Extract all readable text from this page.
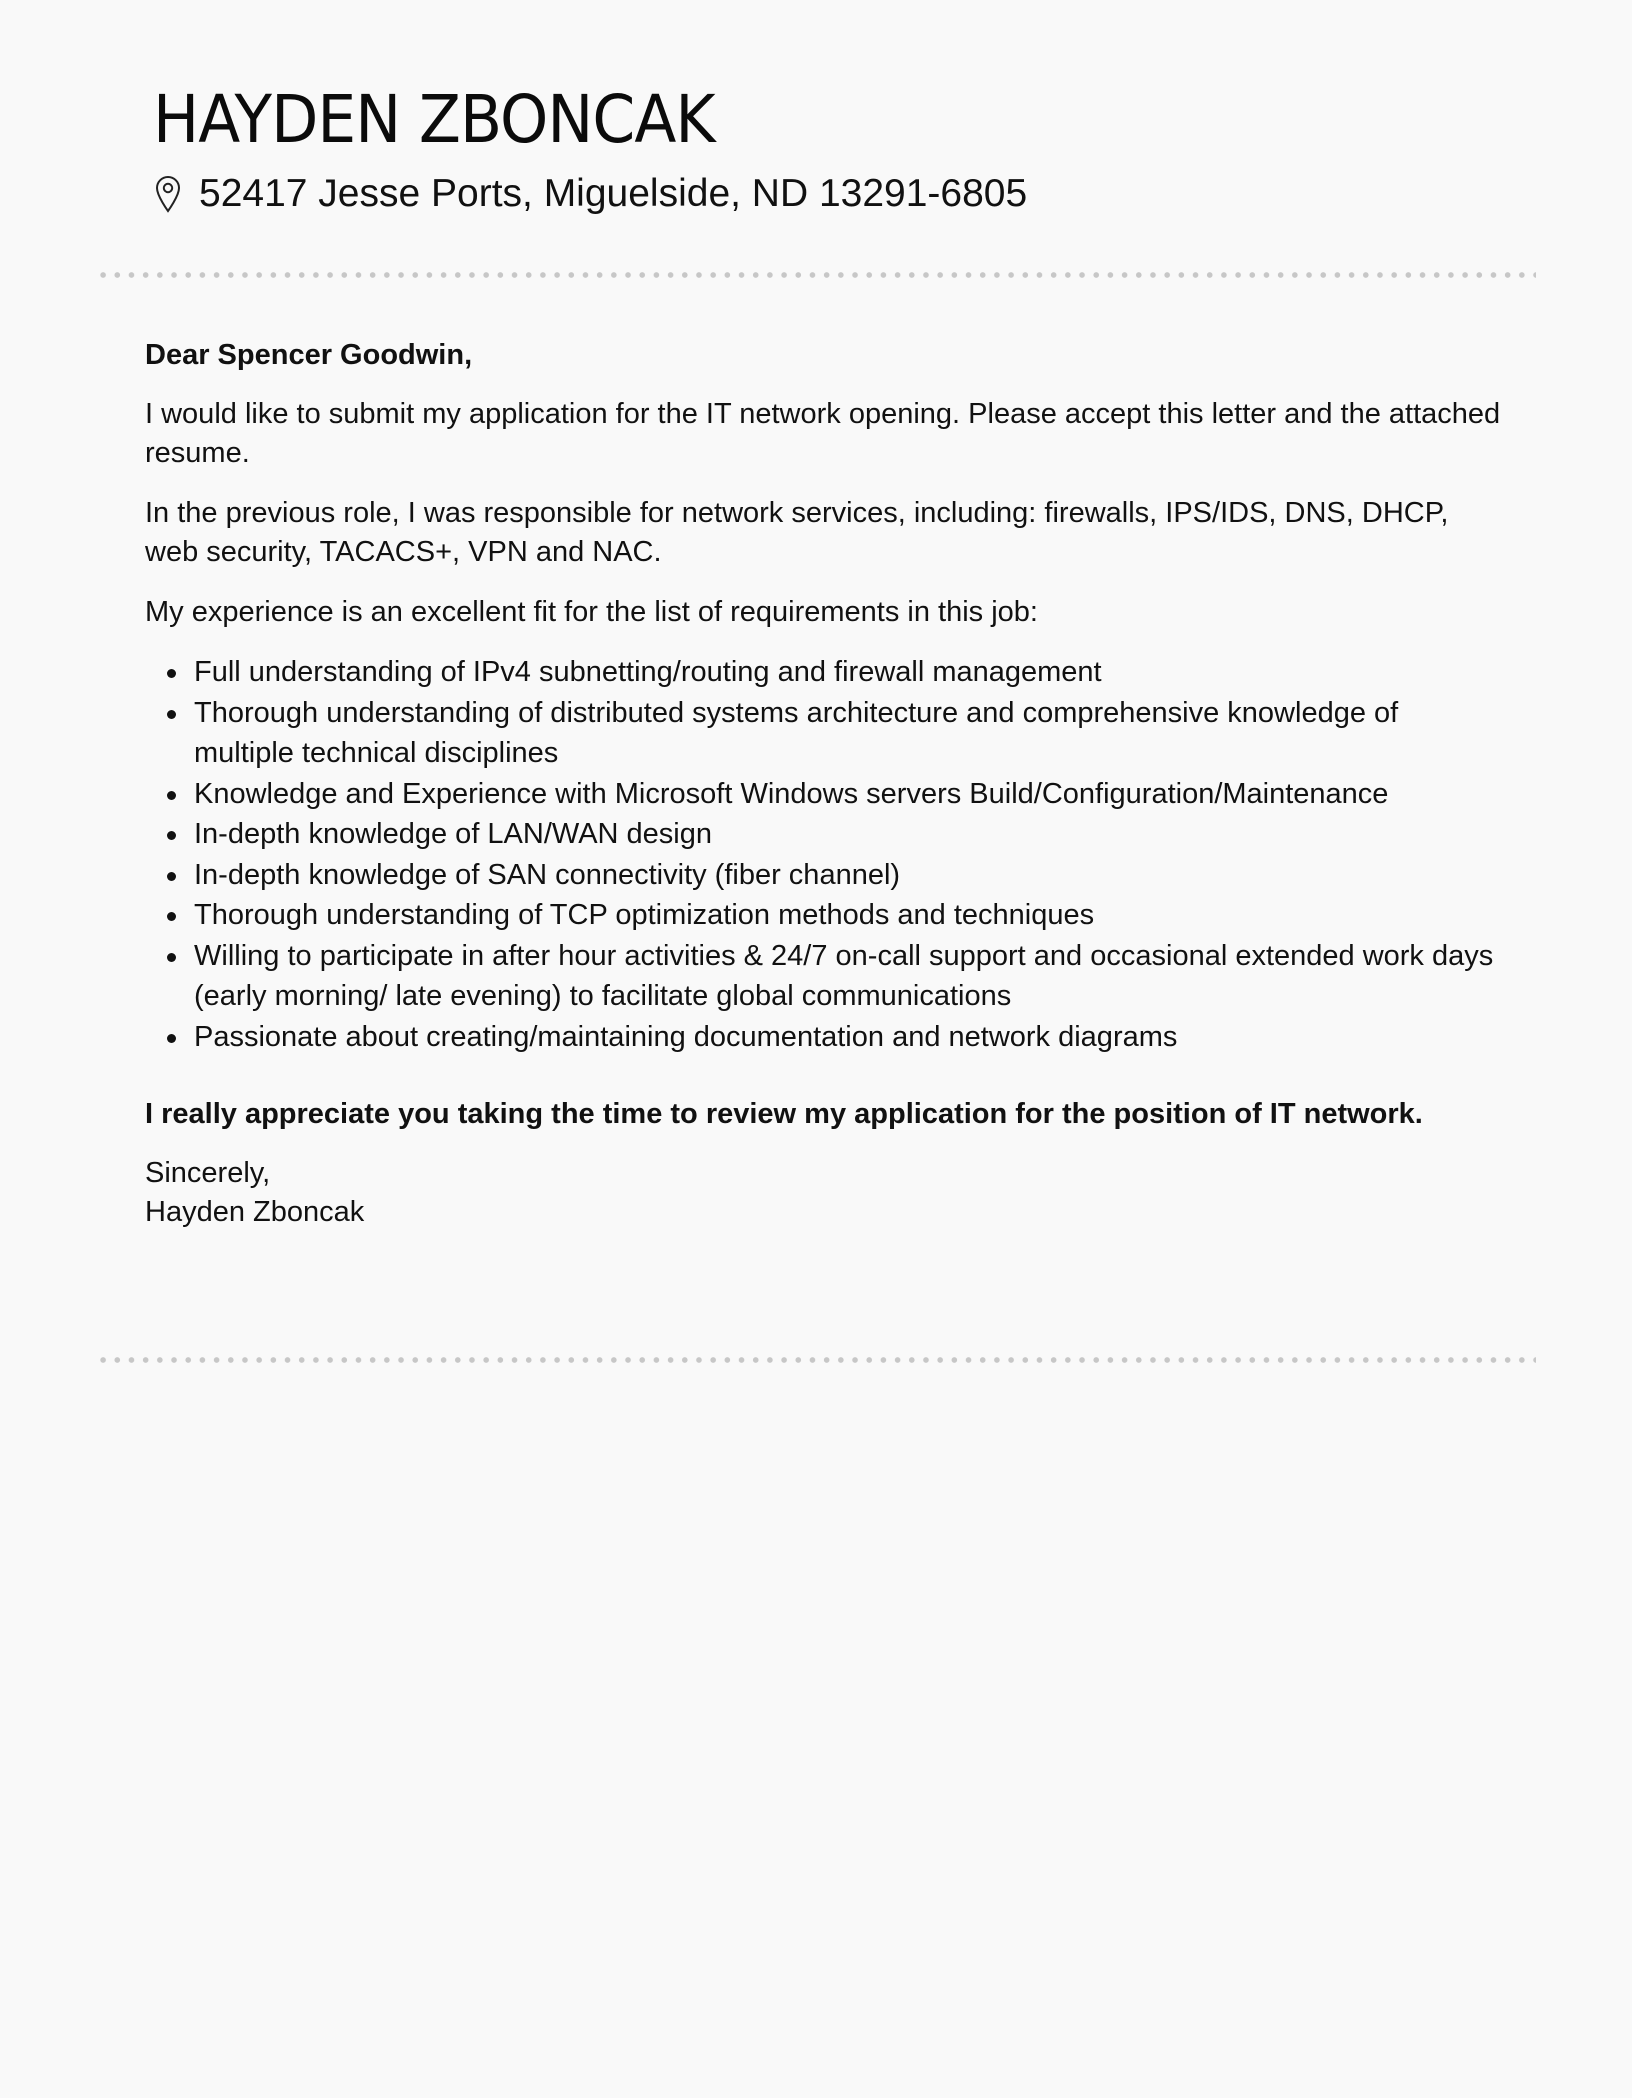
HAYDEN ZBONCAK
52417 Jesse Ports, Miguelside, ND 13291-6805

Dear Spencer Goodwin,

I would like to submit my application for the IT network opening. Please accept this letter and the attached resume.

In the previous role, I was responsible for network services, including: firewalls, IPS/IDS, DNS, DHCP, web security, TACACS+, VPN and NAC.

My experience is an excellent fit for the list of requirements in this job:

Full understanding of IPv4 subnetting/routing and firewall management
Thorough understanding of distributed systems architecture and comprehensive knowledge of multiple technical disciplines
Knowledge and Experience with Microsoft Windows servers Build/Configuration/Maintenance
In-depth knowledge of LAN/WAN design
In-depth knowledge of SAN connectivity (fiber channel)
Thorough understanding of TCP optimization methods and techniques
Willing to participate in after hour activities & 24/7 on-call support and occasional extended work days (early morning/ late evening) to facilitate global communications
Passionate about creating/maintaining documentation and network diagrams

I really appreciate you taking the time to review my application for the position of IT network.

Sincerely,

Hayden Zboncak
